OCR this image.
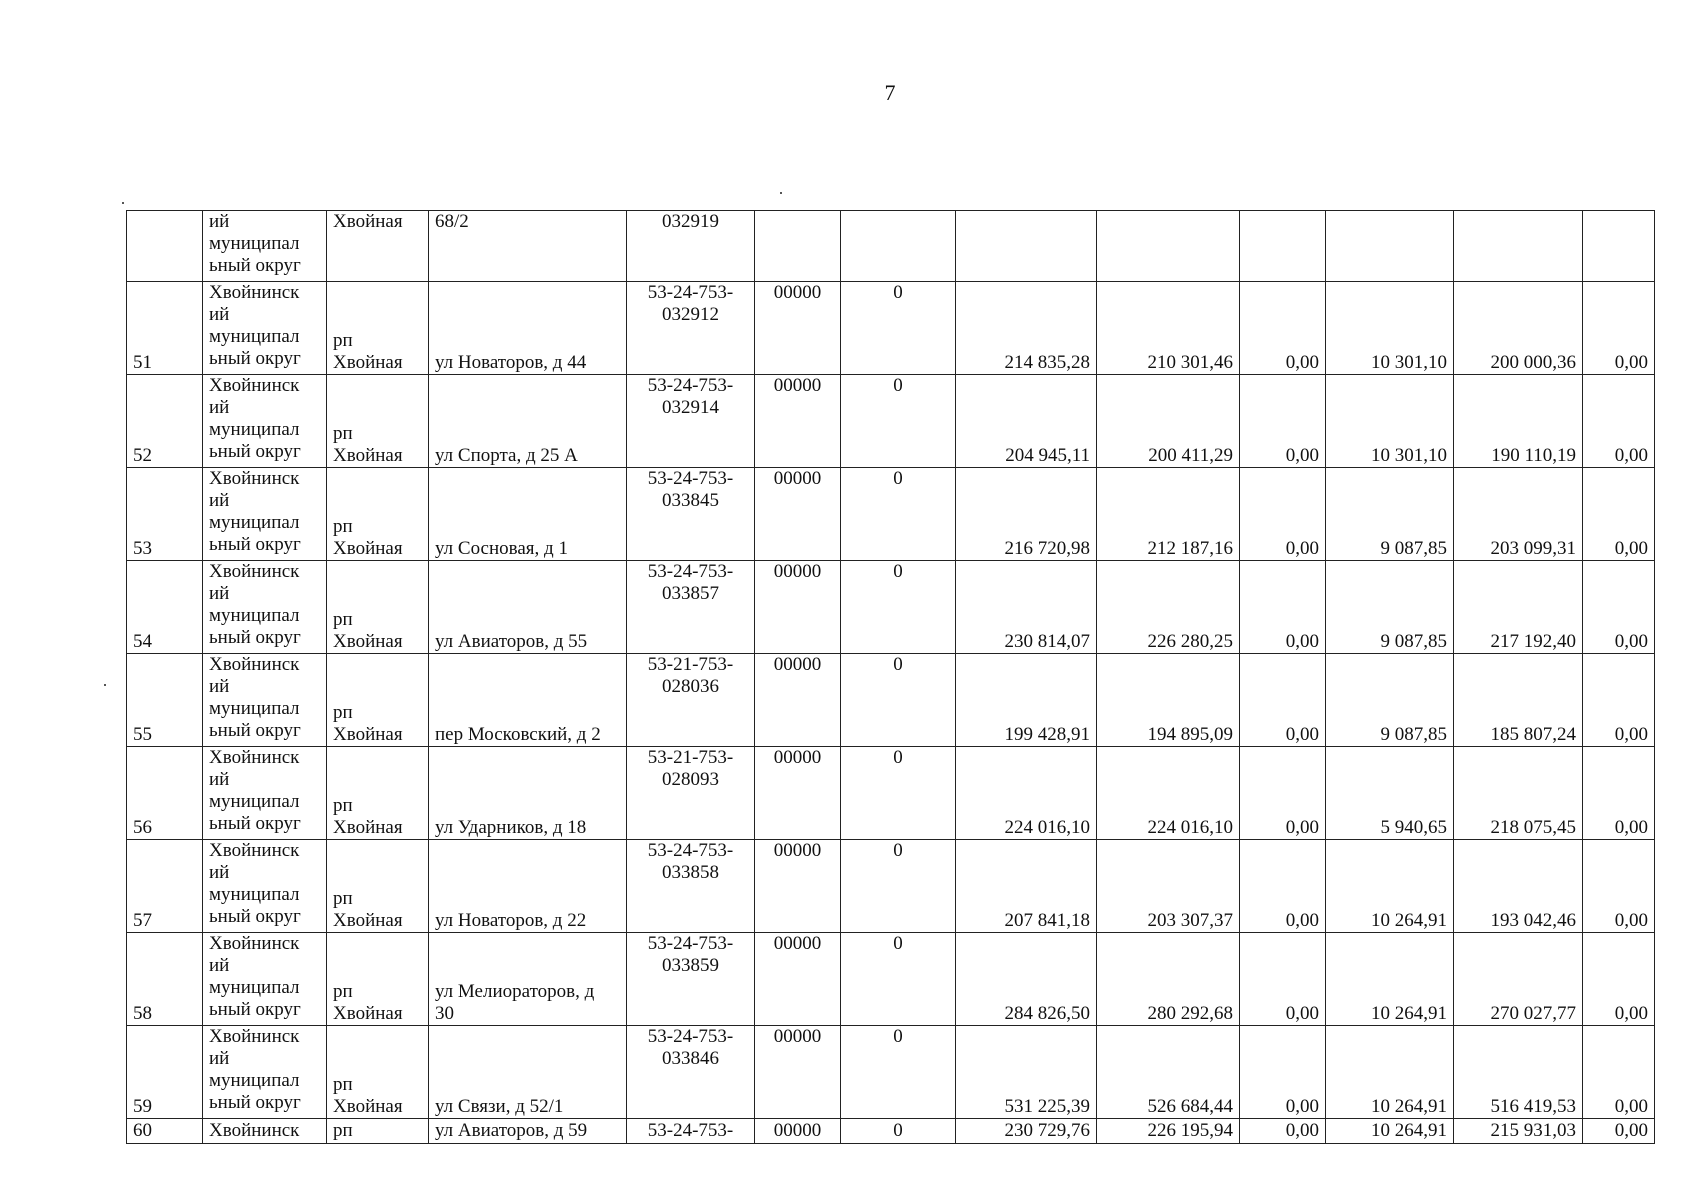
7

	ий
муниципал
ьный округ	Хвойная	68/2	032919								

51	Хвойнинск
ий
муниципал
ьный округ	рп
Хвойная	ул Новаторов, д 44	53-24-753-
032912	00000	0	214 835,28	210 301,46	0,00	10 301,10	200 000,36	0,00
52	Хвойнинск
ий
муниципал
ьный округ	рп
Хвойная	ул Спорта, д 25 А	53-24-753-
032914	00000	0	204 945,11	200 411,29	0,00	10 301,10	190 110,19	0,00
53	Хвойнинск
ий
муниципал
ьный округ	рп
Хвойная	ул Сосновая, д 1	53-24-753-
033845	00000	0	216 720,98	212 187,16	0,00	9 087,85	203 099,31	0,00
54	Хвойнинск
ий
муниципал
ьный округ	рп
Хвойная	ул Авиаторов, д 55	53-24-753-
033857	00000	0	230 814,07	226 280,25	0,00	9 087,85	217 192,40	0,00
55	Хвойнинск
ий
муниципал
ьный округ	рп
Хвойная	пер Московский, д 2	53-21-753-
028036	00000	0	199 428,91	194 895,09	0,00	9 087,85	185 807,24	0,00
56	Хвойнинск
ий
муниципал
ьный округ	рп
Хвойная	ул Ударников, д 18	53-21-753-
028093	00000	0	224 016,10	224 016,10	0,00	5 940,65	218 075,45	0,00
57	Хвойнинск
ий
муниципал
ьный округ	рп
Хвойная	ул Новаторов, д 22	53-24-753-
033858	00000	0	207 841,18	203 307,37	0,00	10 264,91	193 042,46	0,00
58	Хвойнинск
ий
муниципал
ьный округ	рп
Хвойная	ул Мелиораторов, д
30	53-24-753-
033859	00000	0	284 826,50	280 292,68	0,00	10 264,91	270 027,77	0,00
59	Хвойнинск
ий
муниципал
ьный округ	рп
Хвойная	ул Связи, д 52/1	53-24-753-
033846	00000	0	531 225,39	526 684,44	0,00	10 264,91	516 419,53	0,00
60	Хвойнинск	рп	ул Авиаторов, д 59	53-24-753-	00000	0	230 729,76	226 195,94	0,00	10 264,91	215 931,03	0,00
